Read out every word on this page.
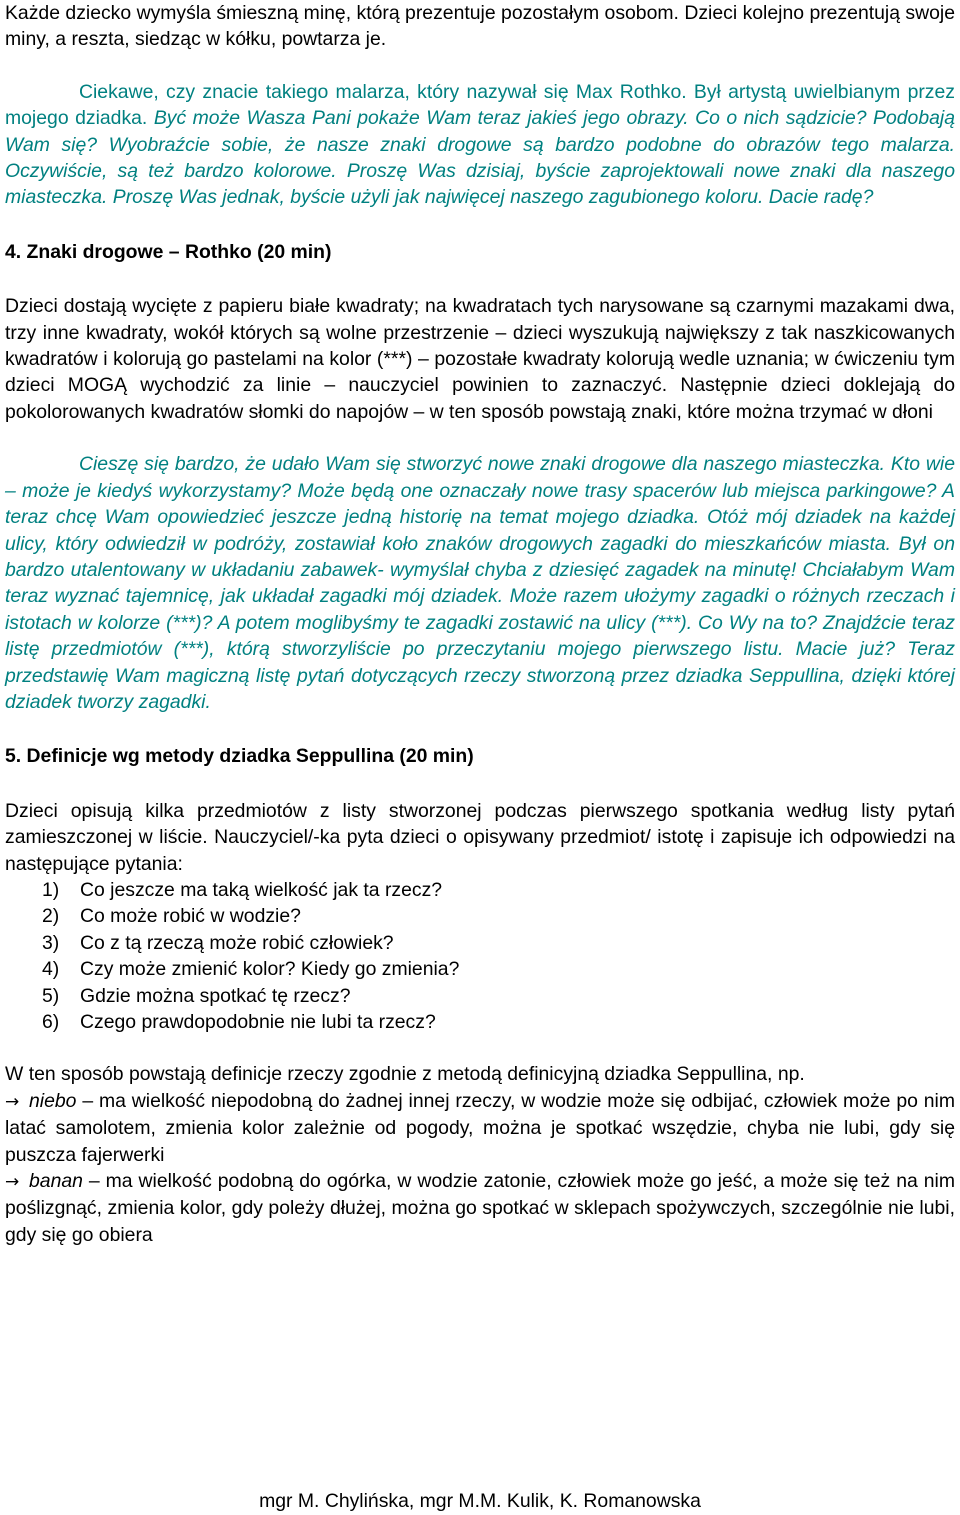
Każde dziecko wymyśla śmieszną minę, którą prezentuje pozostałym osobom. Dzieci kolejno prezentują swoje miny, a reszta, siedząc w kółku, powtarza je.

Ciekawe, czy znacie takiego malarza, który nazywał się Max Rothko. Był artystą uwielbianym przez mojego dziadka. Być może Wasza Pani pokaże Wam teraz jakieś jego obrazy. Co o nich sądzicie? Podobają Wam się? Wyobraźcie sobie, że nasze znaki drogowe są bardzo podobne do obrazów tego malarza. Oczywiście, są też bardzo kolorowe. Proszę Was dzisiaj, byście zaprojektowali nowe znaki dla naszego miasteczka. Proszę Was jednak, byście użyli jak najwięcej naszego zagubionego koloru. Dacie radę?

4. Znaki drogowe – Rothko (20 min)

Dzieci dostają wycięte z papieru białe kwadraty; na kwadratach tych narysowane są czarnymi mazakami dwa, trzy inne kwadraty, wokół których są wolne przestrzenie – dzieci wyszukują największy z tak naszkicowanych kwadratów i kolorują go pastelami na kolor (***) – pozostałe kwadraty kolorują wedle uznania; w ćwiczeniu tym dzieci MOGĄ wychodzić za linie – nauczyciel powinien to zaznaczyć. Następnie dzieci doklejają do pokolorowanych kwadratów słomki do napojów – w ten sposób powstają znaki, które można trzymać w dłoni

Cieszę się bardzo, że udało Wam się stworzyć nowe znaki drogowe dla naszego miasteczka. Kto wie – może je kiedyś wykorzystamy? Może będą one oznaczały nowe trasy spacerów lub miejsca parkingowe? A teraz chcę Wam opowiedzieć jeszcze jedną historię na temat mojego dziadka. Otóż mój dziadek na każdej ulicy, który odwiedził w podróży, zostawiał koło znaków drogowych zagadki do mieszkańców miasta. Był on bardzo utalentowany w układaniu zabawek- wymyślał chyba z dziesięć zagadek na minutę! Chciałabym Wam teraz wyznać tajemnicę, jak układał zagadki mój dziadek. Może razem ułożymy zagadki o różnych rzeczach i istotach w kolorze (***)? A potem moglibyśmy te zagadki zostawić na ulicy (***). Co Wy na to? Znajdźcie teraz listę przedmiotów (***), którą stworzyliście po przeczytaniu mojego pierwszego listu. Macie już? Teraz przedstawię Wam magiczną listę pytań dotyczących rzeczy stworzoną przez dziadka Seppullina, dzięki której dziadek tworzy zagadki.

5. Definicje wg metody dziadka Seppullina (20 min)

Dzieci opisują kilka przedmiotów z listy stworzonej podczas pierwszego spotkania według listy pytań zamieszczonej w liście. Nauczyciel/-ka pyta dzieci o opisywany przedmiot/ istotę i zapisuje ich odpowiedzi na następujące pytania:

1)	Co jeszcze ma taką wielkość jak ta rzecz?
2)	Co może robić w wodzie?
3)	Co z tą rzeczą może robić człowiek?
4)	Czy może zmienić kolor? Kiedy go zmienia?
5)	Gdzie można spotkać tę rzecz?
6)	Czego prawdopodobnie nie lubi ta rzecz?

W ten sposób powstają definicje rzeczy zgodnie z metodą definicyjną dziadka Seppullina, np.

→ niebo – ma wielkość niepodobną do żadnej innej rzeczy, w wodzie może się odbijać, człowiek może po nim latać samolotem, zmienia kolor zależnie od pogody, można je spotkać wszędzie, chyba nie lubi, gdy się puszcza fajerwerki

→ banan – ma wielkość podobną do ogórka, w wodzie zatonie, człowiek może go jeść, a może się też na nim poślizgnąć, zmienia kolor, gdy poleży dłużej, można go spotkać w sklepach spożywczych, szczególnie nie lubi, gdy się go obiera

mgr M. Chylińska, mgr M.M. Kulik, K. Romanowska
